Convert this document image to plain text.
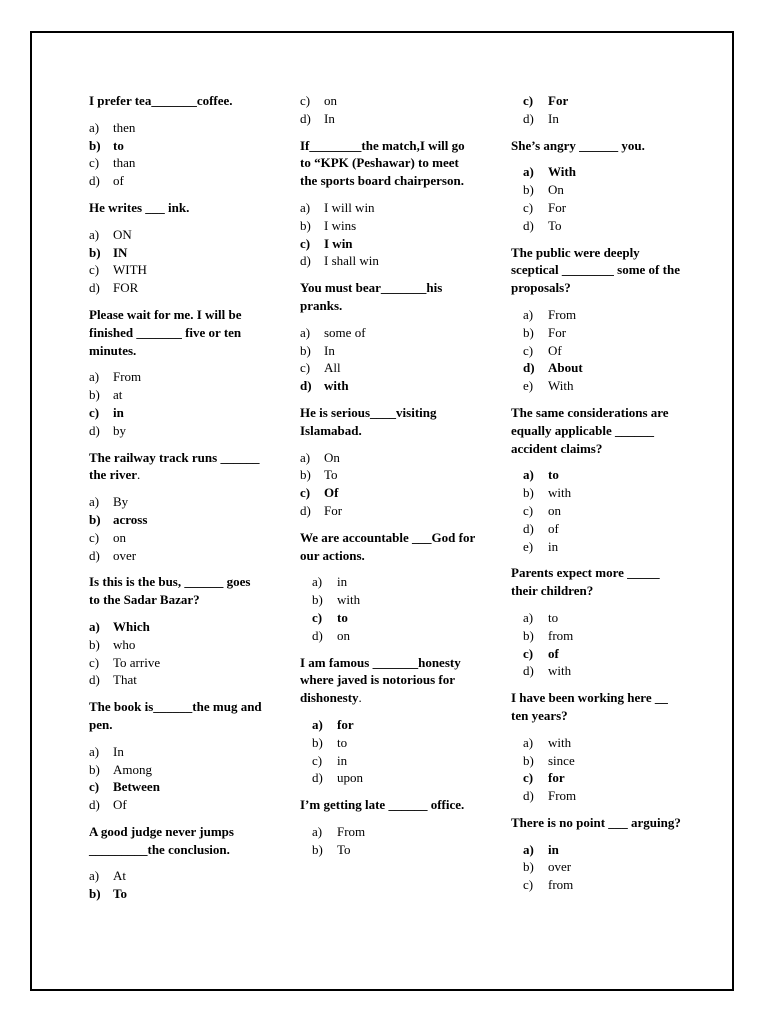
I prefer tea_______coffee.
a)	then
b) to
c)	than
d)	of
He writes ___ ink.
a)	ON
b) IN
c)	WITH
d)	FOR
Please wait for me. I will be finished _______ five or ten minutes.
a)	From
b)	at
c)	in
d)	by
The railway track runs ______ the river.
a)	By
b) across
c)	on
d)	over
Is this is the bus, ______ goes to the Sadar Bazar?
a)	Which
b)	who
c)	To arrive
d)	That
The book is______the mug and pen.
a)	In
b)	Among
c)	Between
d)	Of
A good judge never jumps _________the conclusion.
a)	At
b) To
c)	on
d)	In
If________the match,I will go to “KPK (Peshawar) to meet the sports board chairperson.
a)	I will win
b)	I wins
c)	I win
d)	I shall win
You must bear_______his pranks.
a)	some of
b)	In
c)	All
d) with
He is serious____visiting Islamabad.
a)	On
b)	To
c)	Of
d)	For
We are accountable ___God for our actions.
a)	in
b)	with
c)	to
d)	on
I am famous _______honesty where javed is notorious for dishonesty.
a)	for
b)	to
c)	in
d)	upon
I’m getting late ______ office.
a)	From
b)	To
c)	For
d)	In
She’s angry ______ you.
a)	With
b)	On
c)	For
d)	To
The public were deeply sceptical ________ some of the proposals?
a)	From
b)	For
c)	Of
d)	About
e)	With
The same considerations are equally applicable ______ accident claims?
a)	to
b)	with
c)	on
d)	of
e)	in
Parents expect more _____ their children?
a)	to
b)	from
c)	of
d)	with
I have been working here __ ten years?
a)	with
b)	since
c)	for
d)	From
There is no point ___ arguing?
a)	in
b)	over
c)	from
